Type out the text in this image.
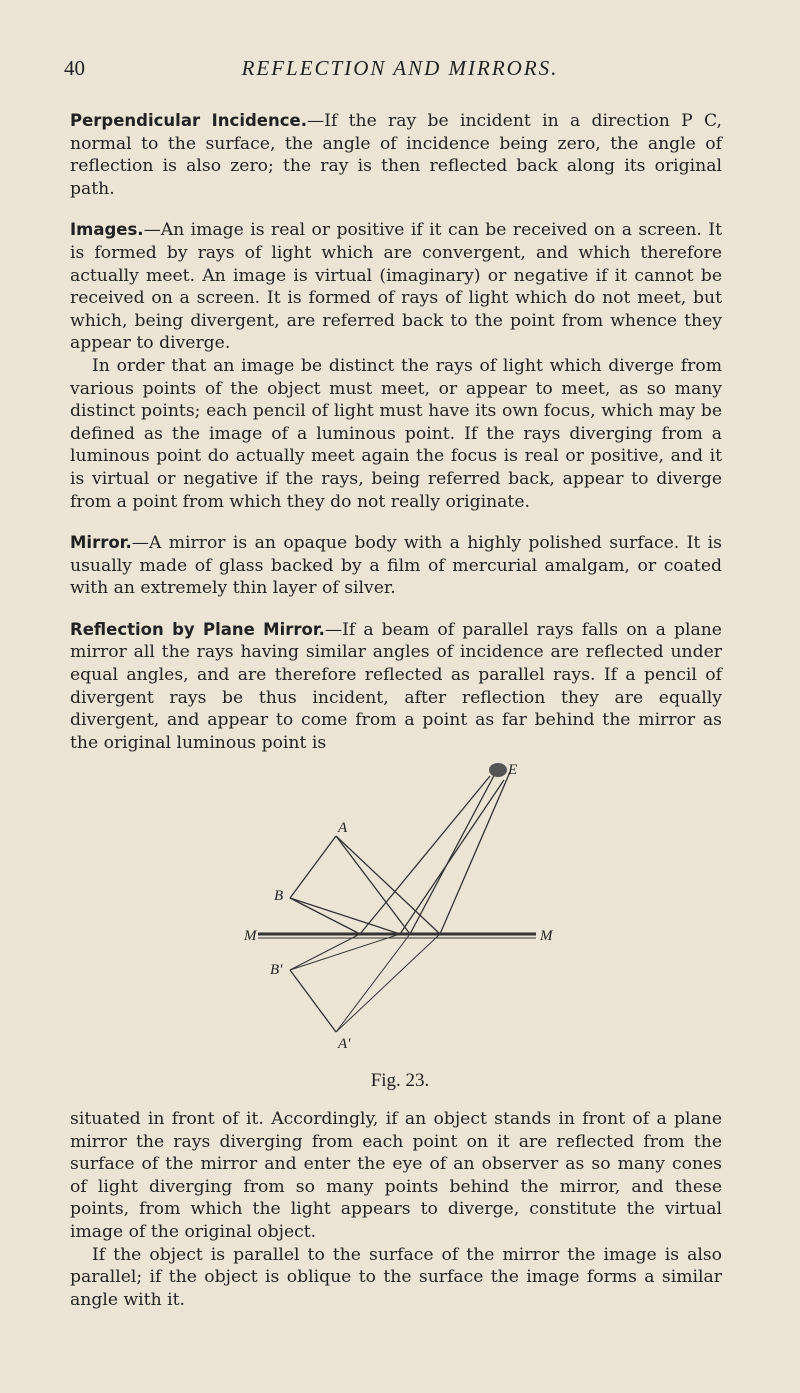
40	REFLECTION AND MIRRORS.

Perpendicular Incidence.—If the ray be incident in a direction P C, normal to the surface, the angle of incidence being zero, the angle of reflection is also zero; the ray is then reflected back along its original path.

Images.—An image is real or positive if it can be received on a screen. It is formed by rays of light which are convergent, and which therefore actually meet. An image is virtual (imaginary) or negative if it cannot be received on a screen. It is formed of rays of light which do not meet, but which, being divergent, are referred back to the point from whence they appear to diverge.

In order that an image be distinct the rays of light which diverge from various points of the object must meet, or appear to meet, as so many distinct points; each pencil of light must have its own focus, which may be defined as the image of a luminous point. If the rays diverging from a luminous point do actually meet again the focus is real or positive, and it is virtual or negative if the rays, being referred back, appear to diverge from a point from which they do not really originate.

Mirror.—A mirror is an opaque body with a highly polished surface. It is usually made of glass backed by a film of mercurial amalgam, or coated with an extremely thin layer of silver.

Reflection by Plane Mirror.—If a beam of parallel rays falls on a plane mirror all the rays having similar angles of incidence are reflected under equal angles, and are therefore reflected as parallel rays. If a pencil of divergent rays be thus incident, after reflection they are equally divergent, and appear to come from a point as far behind the mirror as the original luminous point is

A
E
B
M	M
B'
A'
Fig. 23.

situated in front of it. Accordingly, if an object stands in front of a plane mirror the rays diverging from each point on it are reflected from the surface of the mirror and enter the eye of an observer as so many cones of light diverging from so many points behind the mirror, and these points, from which the light appears to diverge, constitute the virtual image of the original object.

If the object is parallel to the surface of the mirror the image is also parallel; if the object is oblique to the surface the image forms a similar angle with it.
